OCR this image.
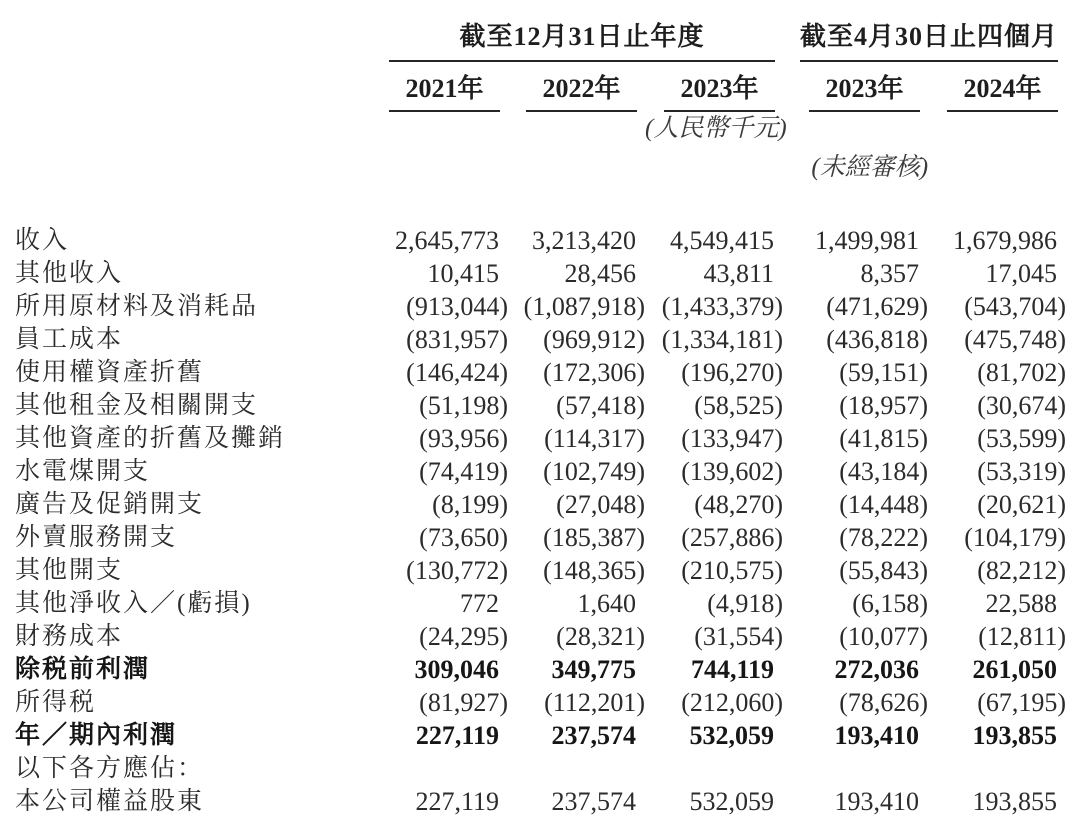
	截至12月31日止年度				截至4月30日止四個月	

	2021年	2022年	2023年		2023年	2024年

			(人民幣千元)			
					(未經審核)	

收入	2,645,773	3,213,420	4,549,415		1,499,981	1,679,986
其他收入	10,415	28,456	43,811		8,357	17,045
所用原材料及消耗品	(913,044)	(1,087,918)	(1,433,379)		(471,629)	(543,704)
員工成本	(831,957)	(969,912)	(1,334,181)		(436,818)	(475,748)
使用權資產折舊	(146,424)	(172,306)	(196,270)		(59,151)	(81,702)
其他租金及相關開支	(51,198)	(57,418)	(58,525)		(18,957)	(30,674)
其他資產的折舊及攤銷	(93,956)	(114,317)	(133,947)		(41,815)	(53,599)
水電煤開支	(74,419)	(102,749)	(139,602)		(43,184)	(53,319)
廣告及促銷開支	(8,199)	(27,048)	(48,270)		(14,448)	(20,621)
外賣服務開支	(73,650)	(185,387)	(257,886)		(78,222)	(104,179)
其他開支	(130,772)	(148,365)	(210,575)		(55,843)	(82,212)
其他淨收入／(虧損)	772	1,640	(4,918)		(6,158)	22,588
財務成本	(24,295)	(28,321)	(31,554)		(10,077)	(12,811)
除税前利潤	309,046	349,775	744,119		272,036	261,050
所得税	(81,927)	(112,201)	(212,060)		(78,626)	(67,195)
年／期內利潤	227,119	237,574	532,059		193,410	193,855
以下各方應佔：						
本公司權益股東	227,119	237,574	532,059		193,410	193,855
